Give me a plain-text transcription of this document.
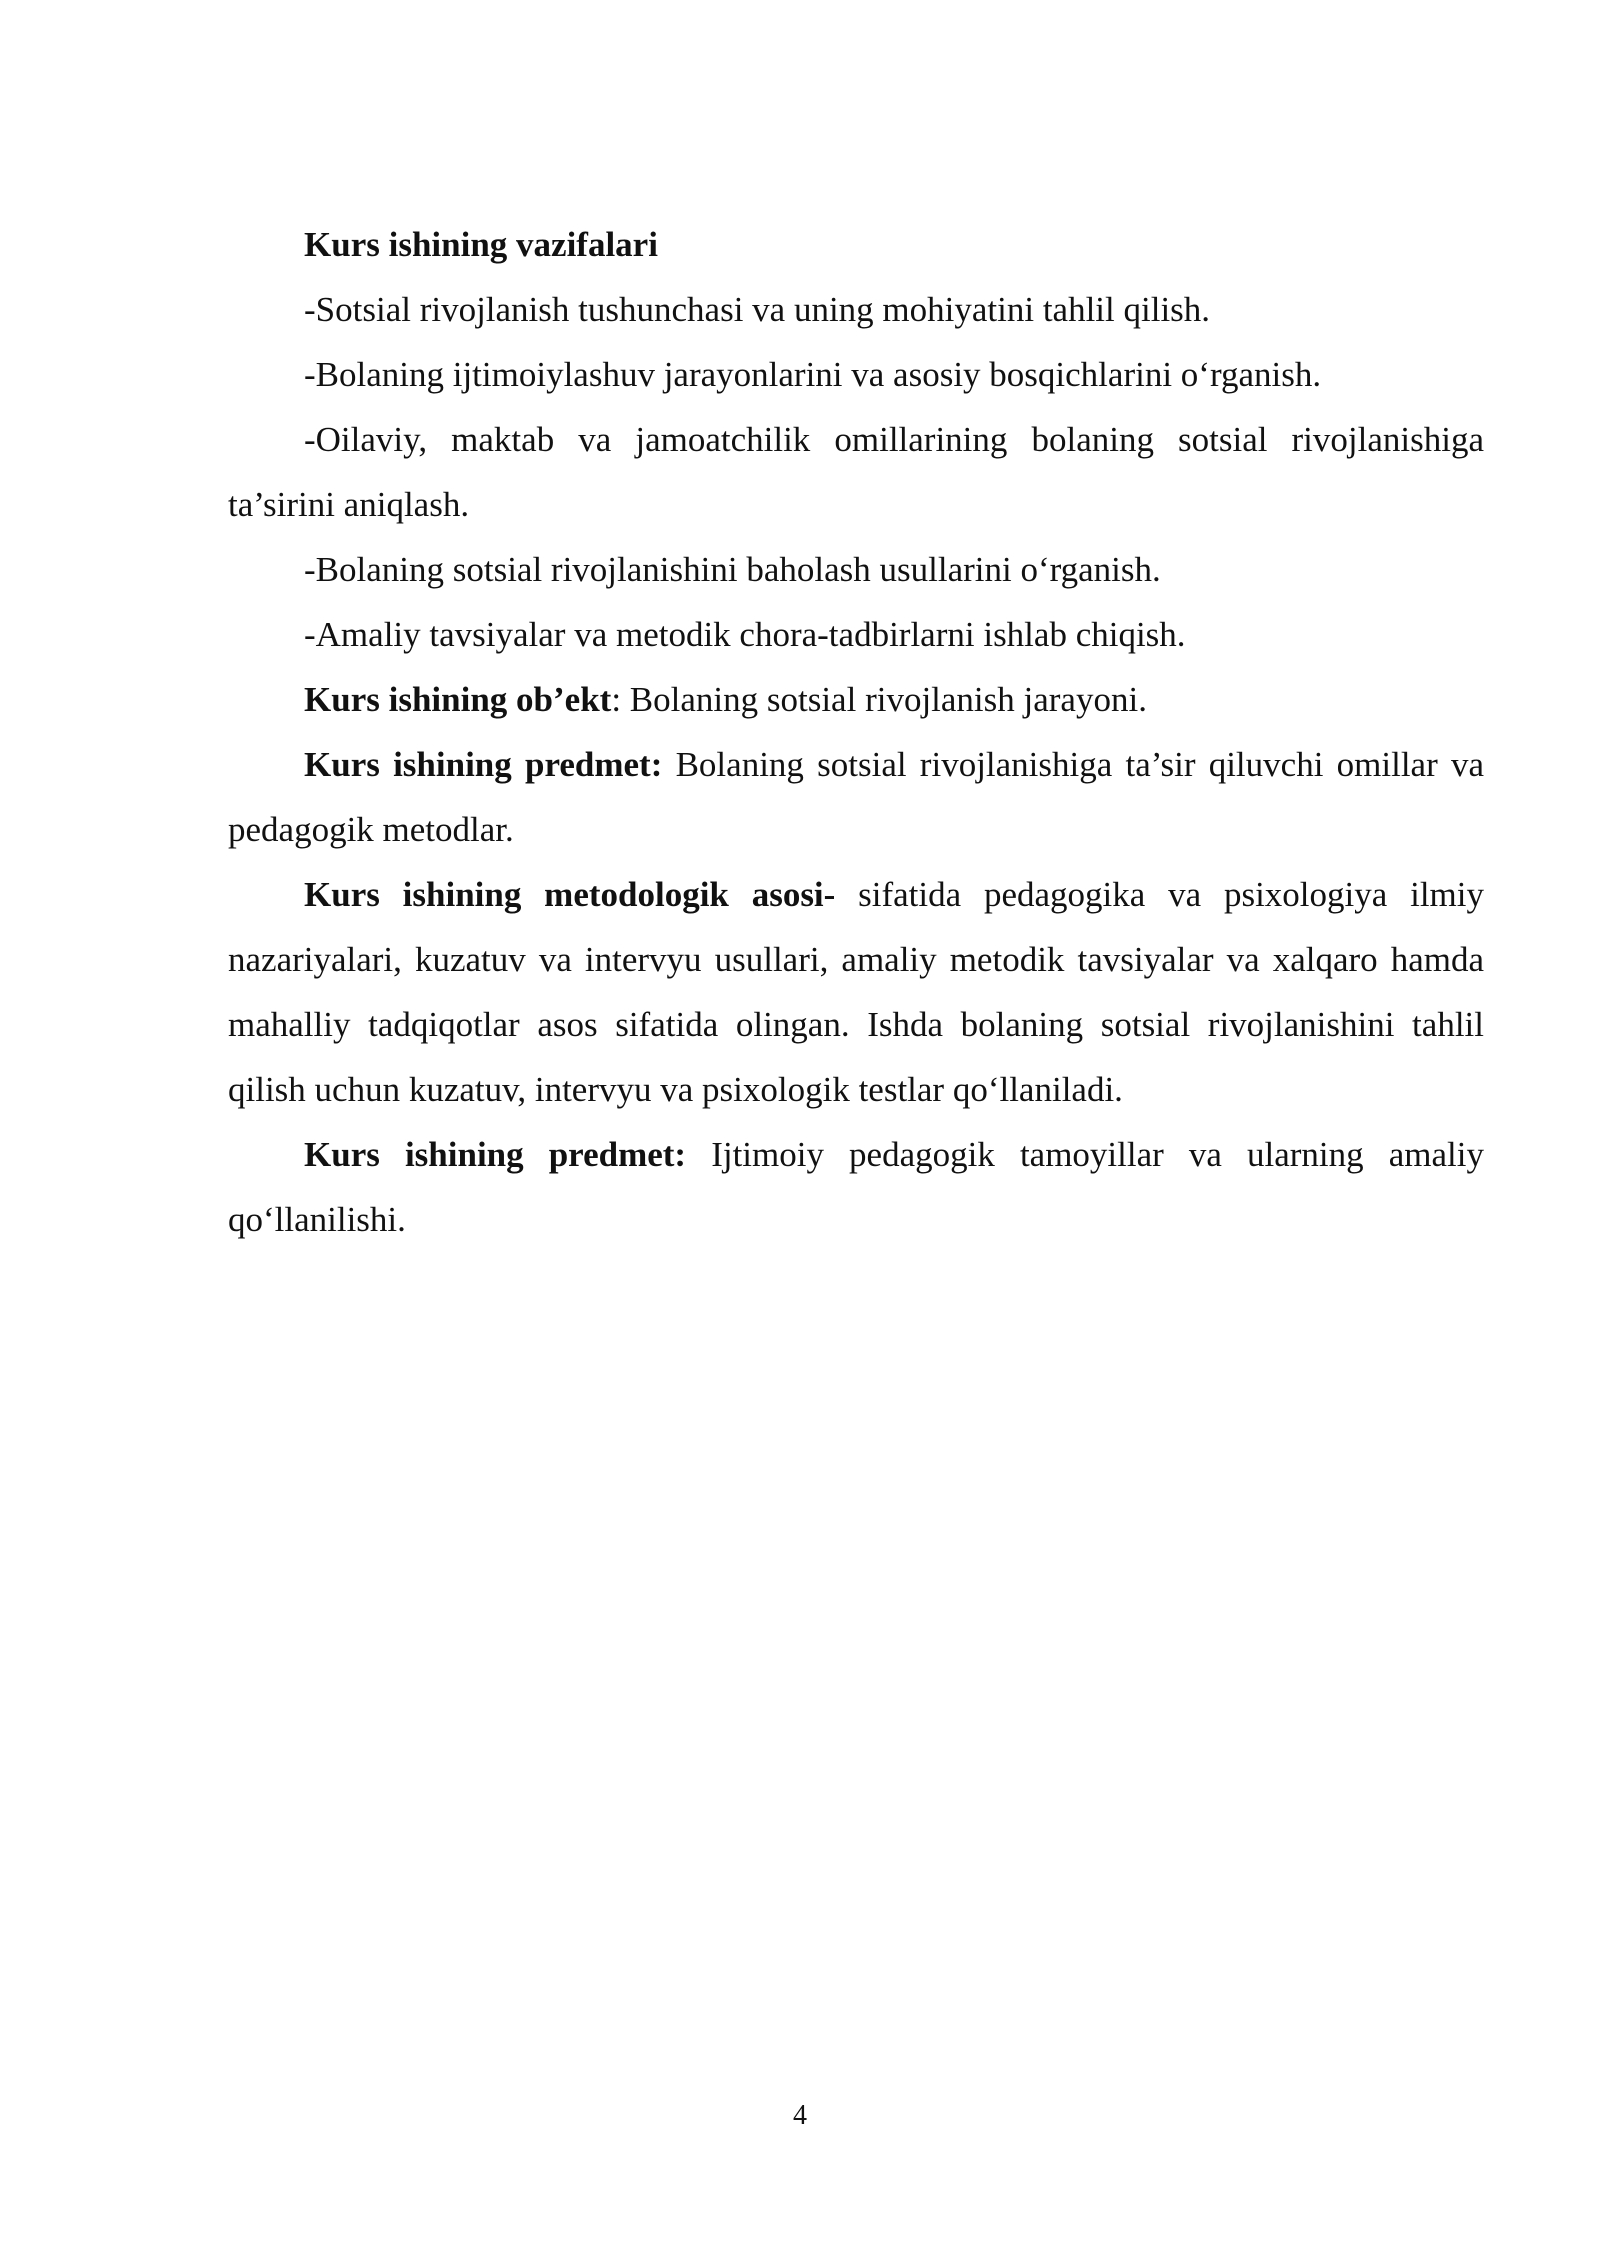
Kurs ishining vazifalari

-Sotsial rivojlanish tushunchasi va uning mohiyatini tahlil qilish.

-Bolaning ijtimoiylashuv jarayonlarini va asosiy bosqichlarini o‘rganish.

-Oilaviy, maktab va jamoatchilik omillarining bolaning sotsial rivojlanishiga ta’sirini aniqlash.

-Bolaning sotsial rivojlanishini baholash usullarini o‘rganish.

-Amaliy tavsiyalar va metodik chora-tadbirlarni ishlab chiqish.

Kurs ishining ob’ekt: Bolaning sotsial rivojlanish jarayoni.

Kurs ishining predmet: Bolaning sotsial rivojlanishiga ta’sir qiluvchi omillar va pedagogik metodlar.

Kurs ishining metodologik asosi- sifatida pedagogika va psixologiya ilmiy nazariyalari, kuzatuv va intervyu usullari, amaliy metodik tavsiyalar va xalqaro hamda mahalliy tadqiqotlar asos sifatida olingan. Ishda bolaning sotsial rivojlanishini tahlil qilish uchun kuzatuv, intervyu va psixologik testlar qo‘llaniladi.

Kurs ishining predmet: Ijtimoiy pedagogik tamoyillar va ularning amaliy qo‘llanilishi.

4
